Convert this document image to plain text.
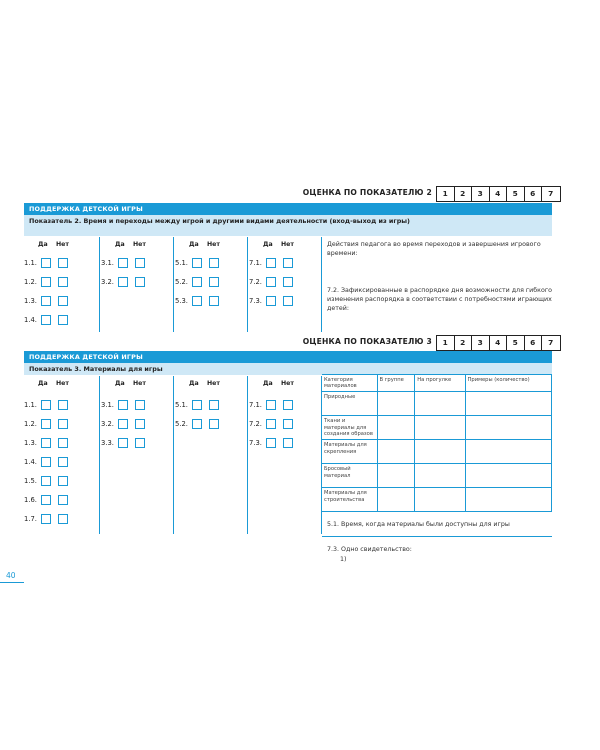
ОЦЕНКА ПО ПОКАЗАТЕЛЮ 2	1	2	3	4	5	6	7
ПОДДЕРЖКА ДЕТСКОЙ ИГРЫ
Показатель 2. Время и переходы между игрой и другими видами деятельности (вход-выход из игры)
Да Нет
1.1.
1.2.
1.3.
1.4.
Да Нет
3.1.
3.2.
Да Нет
5.1.
5.2.
5.3.
Да Нет
7.1.
7.2.
7.3.
Действия педагога во время переходов и завершения игрового времени:
7.2. Зафиксированные в распорядке дня возможности для гибкого изменения распорядка в соответствии с потребностями играющих детей:
ОЦЕНКА ПО ПОКАЗАТЕЛЮ 3	1	2	3	4	5	6	7
ПОДДЕРЖКА ДЕТСКОЙ ИГРЫ
Показатель 3. Материалы для игры
Да Нет
1.1.
1.2.
1.3.
1.4.
1.5.
1.6.
1.7.
Да Нет
3.1.
3.2.
3.3.
Да Нет
5.1.
5.2.
Да Нет
7.1.
7.2.
7.3.
Категория материалов	В группе	На прогулке	Примеры (количество)
Природные			
Ткани и материалы для создания образов			
Материалы для скрепления			
Бросовый материал			
Материалы для строительства			
5.1. Время, когда материалы были доступны для игры
7.3. Одно свидетельство:
1)
40
